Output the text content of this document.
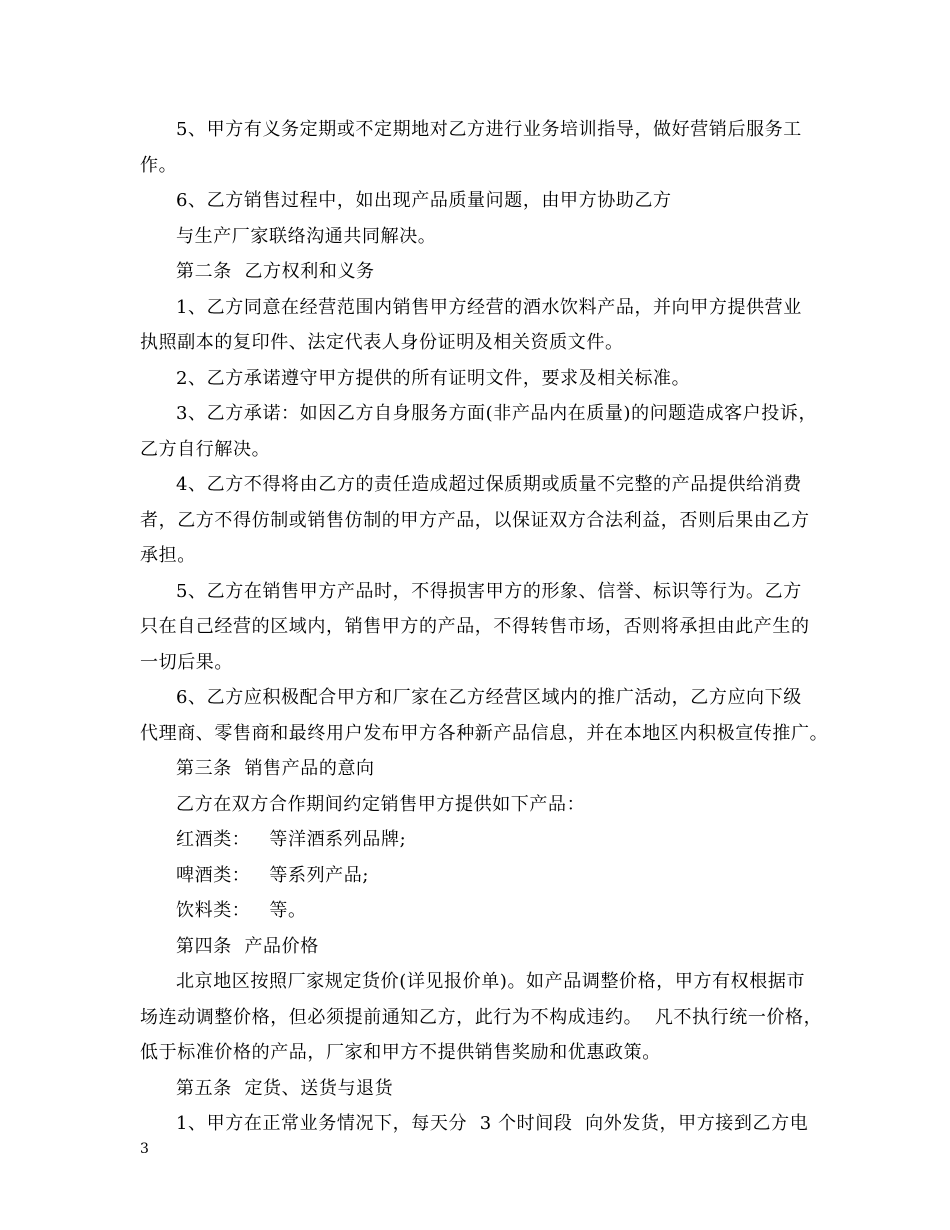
5、甲方有义务定期或不定期地对乙方进行业务培训指导，做好营销后服务工
作。
6、乙方销售过程中，如出现产品质量问题，由甲方协助乙方
与生产厂家联络沟通共同解决。
第二条  乙方权利和义务
1、乙方同意在经营范围内销售甲方经营的酒水饮料产品，并向甲方提供营业
执照副本的复印件、法定代表人身份证明及相关资质文件。
2、乙方承诺遵守甲方提供的所有证明文件，要求及相关标准。
3、乙方承诺：如因乙方自身服务方面(非产品内在质量)的问题造成客户投诉，
乙方自行解决。
4、乙方不得将由乙方的责任造成超过保质期或质量不完整的产品提供给消费
者，乙方不得仿制或销售仿制的甲方产品，以保证双方合法利益，否则后果由乙方
承担。
5、乙方在销售甲方产品时，不得损害甲方的形象、信誉、标识等行为。乙方
只在自己经营的区域内，销售甲方的产品，不得转售市场，否则将承担由此产生的
一切后果。
6、乙方应积极配合甲方和厂家在乙方经营区域内的推广活动，乙方应向下级
代理商、零售商和最终用户发布甲方各种新产品信息，并在本地区内积极宣传推广。
第三条  销售产品的意向
乙方在双方合作期间约定销售甲方提供如下产品：
红酒类：   等洋酒系列品牌;
啤酒类：   等系列产品;
饮料类：   等。
第四条  产品价格
北京地区按照厂家规定货价(详见报价单)。如产品调整价格，甲方有权根据市
场连动调整价格，但必须提前通知乙方，此行为不构成违约。  凡不执行统一价格，
低于标准价格的产品，厂家和甲方不提供销售奖励和优惠政策。
第五条  定货、送货与退货
1、甲方在正常业务情况下，每天分  3 个时间段  向外发货，甲方接到乙方电
3
